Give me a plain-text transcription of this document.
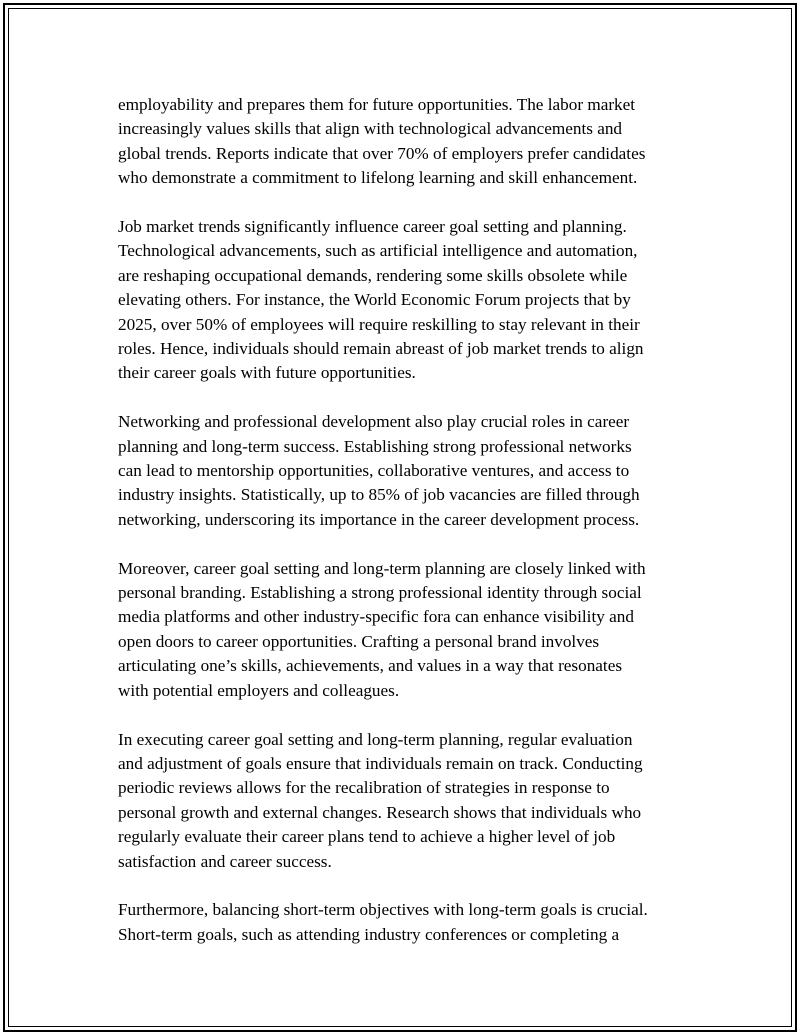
employability and prepares them for future opportunities. The labor market
increasingly values skills that align with technological advancements and
global trends. Reports indicate that over 70% of employers prefer candidates
who demonstrate a commitment to lifelong learning and skill enhancement.

Job market trends significantly influence career goal setting and planning.
Technological advancements, such as artificial intelligence and automation,
are reshaping occupational demands, rendering some skills obsolete while
elevating others. For instance, the World Economic Forum projects that by
2025, over 50% of employees will require reskilling to stay relevant in their
roles. Hence, individuals should remain abreast of job market trends to align
their career goals with future opportunities.

Networking and professional development also play crucial roles in career
planning and long-term success. Establishing strong professional networks
can lead to mentorship opportunities, collaborative ventures, and access to
industry insights. Statistically, up to 85% of job vacancies are filled through
networking, underscoring its importance in the career development process.

Moreover, career goal setting and long-term planning are closely linked with
personal branding. Establishing a strong professional identity through social
media platforms and other industry-specific fora can enhance visibility and
open doors to career opportunities. Crafting a personal brand involves
articulating one’s skills, achievements, and values in a way that resonates
with potential employers and colleagues.

In executing career goal setting and long-term planning, regular evaluation
and adjustment of goals ensure that individuals remain on track. Conducting
periodic reviews allows for the recalibration of strategies in response to
personal growth and external changes. Research shows that individuals who
regularly evaluate their career plans tend to achieve a higher level of job
satisfaction and career success.

Furthermore, balancing short-term objectives with long-term goals is crucial.
Short-term goals, such as attending industry conferences or completing a
